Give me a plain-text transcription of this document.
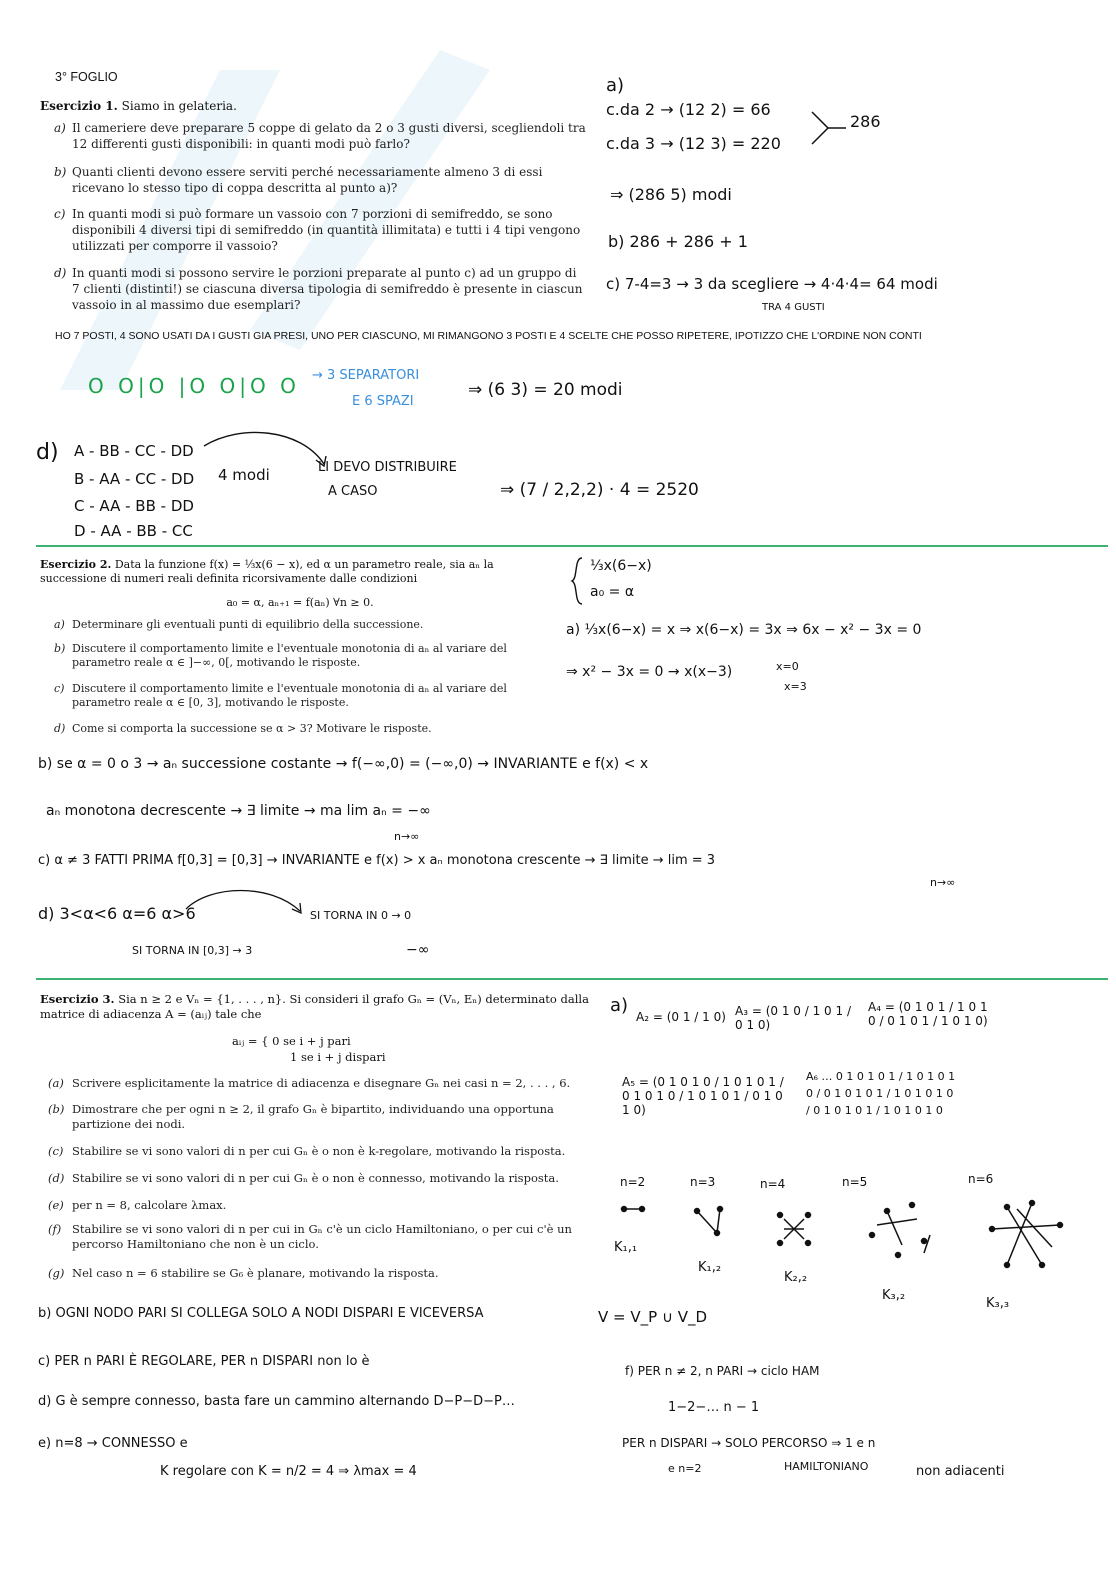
3° FOGLIO
Esercizio 1. Siamo in gelateria.
a) Il cameriere deve preparare 5 coppe di gelato da 2 o 3 gusti diversi, scegliendoli tra 12 differenti gusti disponibili: in quanti modi può farlo?
b) Quanti clienti devono essere serviti perché necessariamente almeno 3 di essi ricevano lo stesso tipo di coppa descritta al punto a)?
c) In quanti modi si può formare un vassoio con 7 porzioni di semifreddo, se sono disponibili 4 diversi tipi di semifreddo (in quantità illimitata) e tutti i 4 tipi vengono utilizzati per comporre il vassoio?
d) In quanti modi si possono servire le porzioni preparate al punto c) ad un gruppo di 7 clienti (distinti!) se ciascuna diversa tipologia di semifreddo è presente in ciascun vassoio in al massimo due esemplari?
a)
c.da 2 → (12 2) = 66
c.da 3 → (12 3) = 220
286
⇒ (286 5) modi
b) 286 + 286 + 1
c) 7-4=3 → 3 da scegliere → 4·4·4= 64 modi
TRA 4 GUSTI
HO 7 POSTI, 4 SONO USATI DA I GUSTI GIA PRESI, UNO PER CIASCUNO, MI RIMANGONO 3 POSTI E 4 SCELTE CHE POSSO RIPETERE, IPOTIZZO CHE L'ORDINE NON CONTI
O O|O |O O|O O → 3 SEPARATORI
E 6 SPAZI
⇒ (6 3) = 20 modi
d) A - BB - CC - DD
B - AA - CC - DD
C - AA - BB - DD
D - AA - BB - CC
4 modi	LI DEVO DISTRIBUIRE
A CASO	⇒ (7 / 2,2,2) · 4 = 2520
Esercizio 2. Data la funzione f(x) = ⅓x(6 − x), ed α un parametro reale, sia aₙ la successione di numeri reali definita ricorsivamente dalle condizioni
a₀ = α, aₙ₊₁ = f(aₙ) ∀n ≥ 0.
a) Determinare gli eventuali punti di equilibrio della successione.
b) Discutere il comportamento limite e l'eventuale monotonia di aₙ al variare del parametro reale α ∈ ]−∞, 0[, motivando le risposte.
c) Discutere il comportamento limite e l'eventuale monotonia di aₙ al variare del parametro reale α ∈ [0, 3], motivando le risposte.
d) Come si comporta la successione se α > 3? Motivare le risposte.
⅓x(6−x)
a₀ = α
a) ⅓x(6−x) = x ⇒ x(6−x) = 3x ⇒ 6x − x² − 3x = 0
⇒ x² − 3x = 0 → x(x−3)	x=0
x=3
b) se α = 0 o 3 → aₙ successione costante → f(−∞,0) = (−∞,0) → INVARIANTE e f(x) < x
aₙ monotona decrescente → ∃ limite → ma lim aₙ = −∞
n→∞
c) α ≠ 3 FATTI PRIMA f[0,3] = [0,3] → INVARIANTE e f(x) > x aₙ monotona crescente → ∃ limite → lim = 3
n→∞
d) 3<α<6 α=6 α>6	SI TORNA IN 0 → 0
SI TORNA IN [0,3] → 3	−∞
Esercizio 3. Sia n ≥ 2 e Vₙ = {1, . . . , n}. Si consideri il grafo Gₙ = (Vₙ, Eₙ) determinato dalla matrice di adiacenza A = (aᵢⱼ) tale che
aᵢⱼ = { 0 se i + j pari
1 se i + j dispari
(a) Scrivere esplicitamente la matrice di adiacenza e disegnare Gₙ nei casi n = 2, . . . , 6.
(b) Dimostrare che per ogni n ≥ 2, il grafo Gₙ è bipartito, individuando una opportuna partizione dei nodi.
(c) Stabilire se vi sono valori di n per cui Gₙ è o non è k-regolare, motivando la risposta.
(d) Stabilire se vi sono valori di n per cui Gₙ è o non è connesso, motivando la risposta.
(e) per n = 8, calcolare λmax.
(f) Stabilire se vi sono valori di n per cui in Gₙ c'è un ciclo Hamiltoniano, o per cui c'è un percorso Hamiltoniano che non è un ciclo.
(g) Nel caso n = 6 stabilire se G₆ è planare, motivando la risposta.
a)
A₂ = (0 1 / 1 0) A₃ = (0 1 0 / 1 0 1 / 0 1 0)
A₄ = (0 1 0 1 / 1 0 1 0 / 0 1 0 1 / 1 0 1 0)
A₅ = (0 1 0 1 0 / 1 0 1 0 1 / 0 1 0 1 0 / 1 0 1 0 1 / 0 1 0 1 0)
A₆ … 0 1 0 1 0 1 / 1 0 1 0 1 0 / 0 1 0 1 0 1 / 1 0 1 0 1 0 / 0 1 0 1 0 1 / 1 0 1 0 1 0
n=2	n=3	n=4	n=5	n=6
K₁,₁
K₁,₂
K₂,₂
K₃,₂
K₃,₃
b) OGNI NODO PARI SI COLLEGA SOLO A NODI DISPARI E VICEVERSA	V = V_P ∪ V_D
c) PER n PARI È REGOLARE, PER n DISPARI non lo è
d) G è sempre connesso, basta fare un cammino alternando D−P−D−P…
e) n=8 → CONNESSO e
K regolare con K = n/2 = 4 ⇒ λmax = 4
f) PER n ≠ 2, n PARI → ciclo HAM
1−2−… n − 1
PER n DISPARI → SOLO PERCORSO ⇒ 1 e n
e n=2	HAMILTONIANO	non adiacenti
